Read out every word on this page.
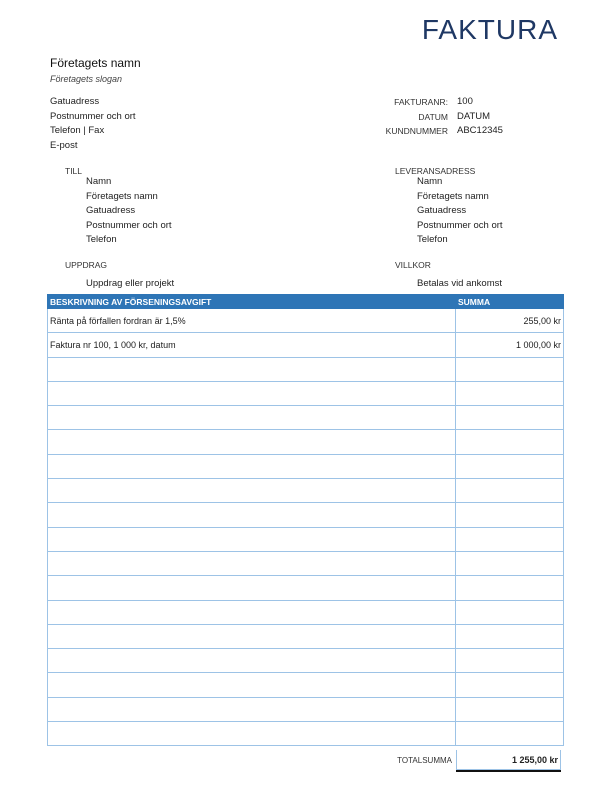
FAKTURA
Företagets namn
Företagets slogan
Gatuadress
Postnummer och ort
Telefon | Fax
E-post
FAKTURANR: 100
DATUM DATUM
KUNDNUMMER ABC12345
TILL
Namn
Företagets namn
Gatuadress
Postnummer och ort
Telefon
LEVERANSADRESS
Namn
Företagets namn
Gatuadress
Postnummer och ort
Telefon
UPPDRAG
Uppdrag eller projekt
VILLKOR
Betalas vid ankomst
BESKRIVNING AV FÖRSENINGSAVGIFT	SUMMA
Ränta på förfallen fordran är 1,5%	255,00 kr
Faktura nr 100, 1 000 kr, datum	1 000,00 kr

TOTALSUMMA	1 255,00 kr
